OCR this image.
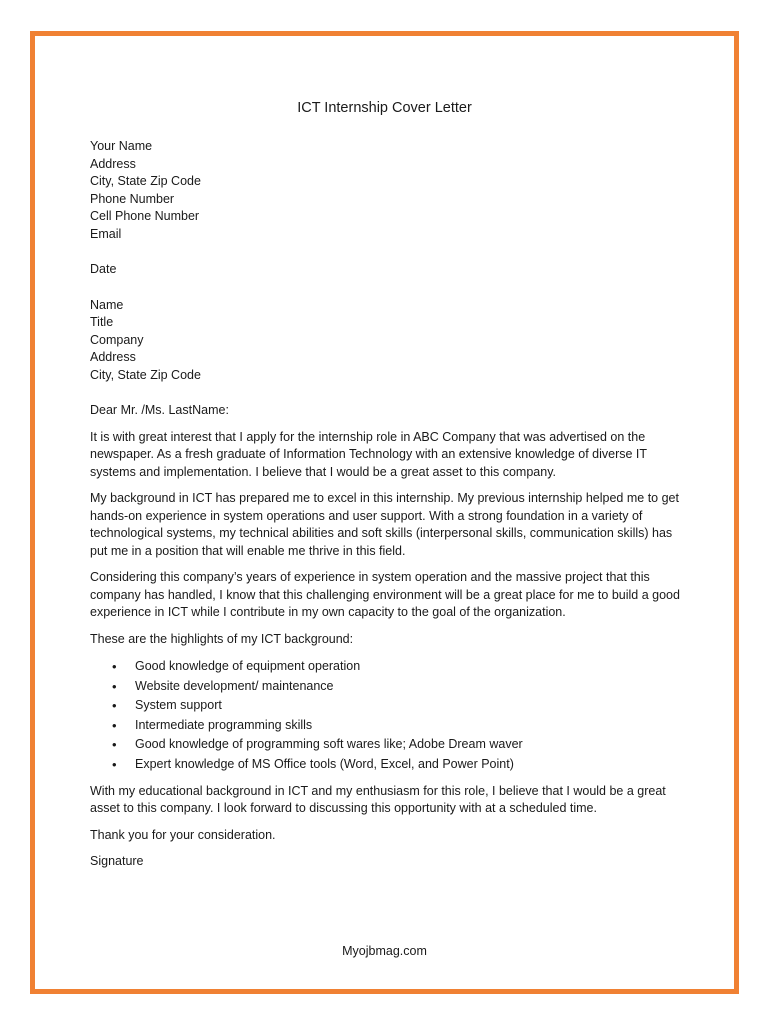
ICT Internship Cover Letter
Your Name
Address
City, State Zip Code
Phone Number
Cell Phone Number
Email
Date
Name
Title
Company
Address
City, State Zip Code

Dear Mr. /Ms. LastName:

It is with great interest that I apply for the internship role in ABC Company that was advertised on the newspaper. As a fresh graduate of Information Technology with an extensive knowledge of diverse IT systems and implementation. I believe that I would be a great asset to this company.

My background in ICT has prepared me to excel in this internship. My previous internship helped me to get hands-on experience in system operations and user support. With a strong foundation in a variety of technological systems, my technical abilities and soft skills (interpersonal skills, communication skills) has put me in a position that will enable me thrive in this field.

Considering this company’s years of experience in system operation and the massive project that this company has handled, I know that this challenging environment will be a great place for me to build a good experience in ICT while I contribute in my own capacity to the goal of the organization.

These are the highlights of my ICT background:

• Good knowledge of equipment operation
• Website development/ maintenance
• System support
• Intermediate programming skills
• Good knowledge of programming soft wares like; Adobe Dream waver
• Expert knowledge of MS Office tools (Word, Excel, and Power Point)

With my educational background in ICT and my enthusiasm for this role, I believe that I would be a great asset to this company. I look forward to discussing this opportunity with at a scheduled time.

Thank you for your consideration.

Signature

Myojbmag.com
